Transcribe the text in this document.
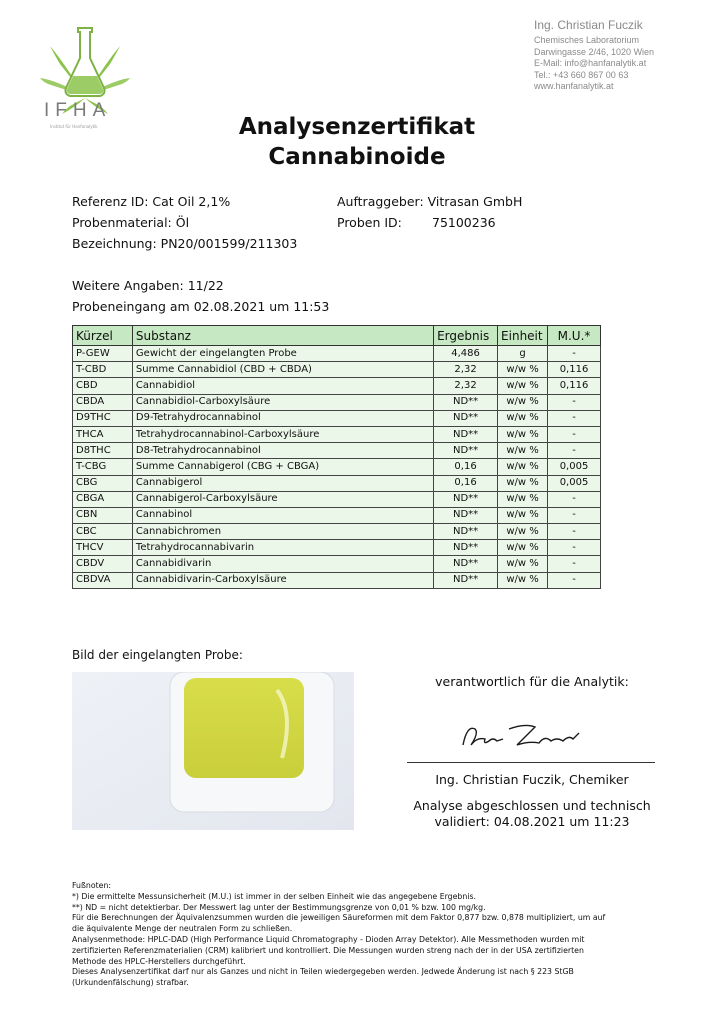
IFHA
Institut für Hanfanalytik
Ing. Christian Fuczik
Chemisches Laboratorium
Darwingasse 2/46, 1020 Wien
E-Mail: info@hanfanalytik.at
Tel.: +43 660 867 00 63
www.hanfanalytik.at
Analysenzertifikat
Cannabinoide
Referenz ID: Cat Oil 2,1%
Probenmaterial: Öl
Bezeichnung: PN20/001599/211303
Auftraggeber: Vitrasan GmbH
Proben ID: 75100236
Weitere Angaben: 11/22
Probeneingang am 02.08.2021 um 11:53
Kürzel	Substanz	Ergebnis	Einheit	M.U.*
P-GEW	Gewicht der eingelangten Probe	4,486	g	-
T-CBD	Summe Cannabidiol (CBD + CBDA)	2,32	w/w %	0,116
CBD	Cannabidiol	2,32	w/w %	0,116
CBDA	Cannabidiol-Carboxylsäure	ND**	w/w %	-
D9THC	D9-Tetrahydrocannabinol	ND**	w/w %	-
THCA	Tetrahydrocannabinol-Carboxylsäure	ND**	w/w %	-
D8THC	D8-Tetrahydrocannabinol	ND**	w/w %	-
T-CBG	Summe Cannabigerol (CBG + CBGA)	0,16	w/w %	0,005
CBG	Cannabigerol	0,16	w/w %	0,005
CBGA	Cannabigerol-Carboxylsäure	ND**	w/w %	-
CBN	Cannabinol	ND**	w/w %	-
CBC	Cannabichromen	ND**	w/w %	-
THCV	Tetrahydrocannabivarin	ND**	w/w %	-
CBDV	Cannabidivarin	ND**	w/w %	-
CBDVA	Cannabidivarin-Carboxylsäure	ND**	w/w %	-
Bild der eingelangten Probe:
verantwortlich für die Analytik:
Ing. Christian Fuczik, Chemiker
Analyse abgeschlossen und technisch
validiert: 04.08.2021 um 11:23
Fußnoten:
*) Die ermittelte Messunsicherheit (M.U.) ist immer in der selben Einheit wie das angegebene Ergebnis.
**) ND = nicht detektierbar. Der Messwert lag unter der Bestimmungsgrenze von 0,01 % bzw. 100 mg/kg.
Für die Berechnungen der Äquivalenzsummen wurden die jeweiligen Säureformen mit dem Faktor 0,877 bzw. 0,878 multipliziert, um auf
die äquivalente Menge der neutralen Form zu schließen.
Analysenmethode: HPLC-DAD (High Performance Liquid Chromatography - Dioden Array Detektor). Alle Messmethoden wurden mit
zertifizierten Referenzmaterialien (CRM) kalibriert und kontrolliert. Die Messungen wurden streng nach der in der USA zertifizierten
Methode des HPLC-Herstellers durchgeführt.
Dieses Analysenzertifikat darf nur als Ganzes und nicht in Teilen wiedergegeben werden. Jedwede Änderung ist nach § 223 StGB
(Urkundenfälschung) strafbar.
